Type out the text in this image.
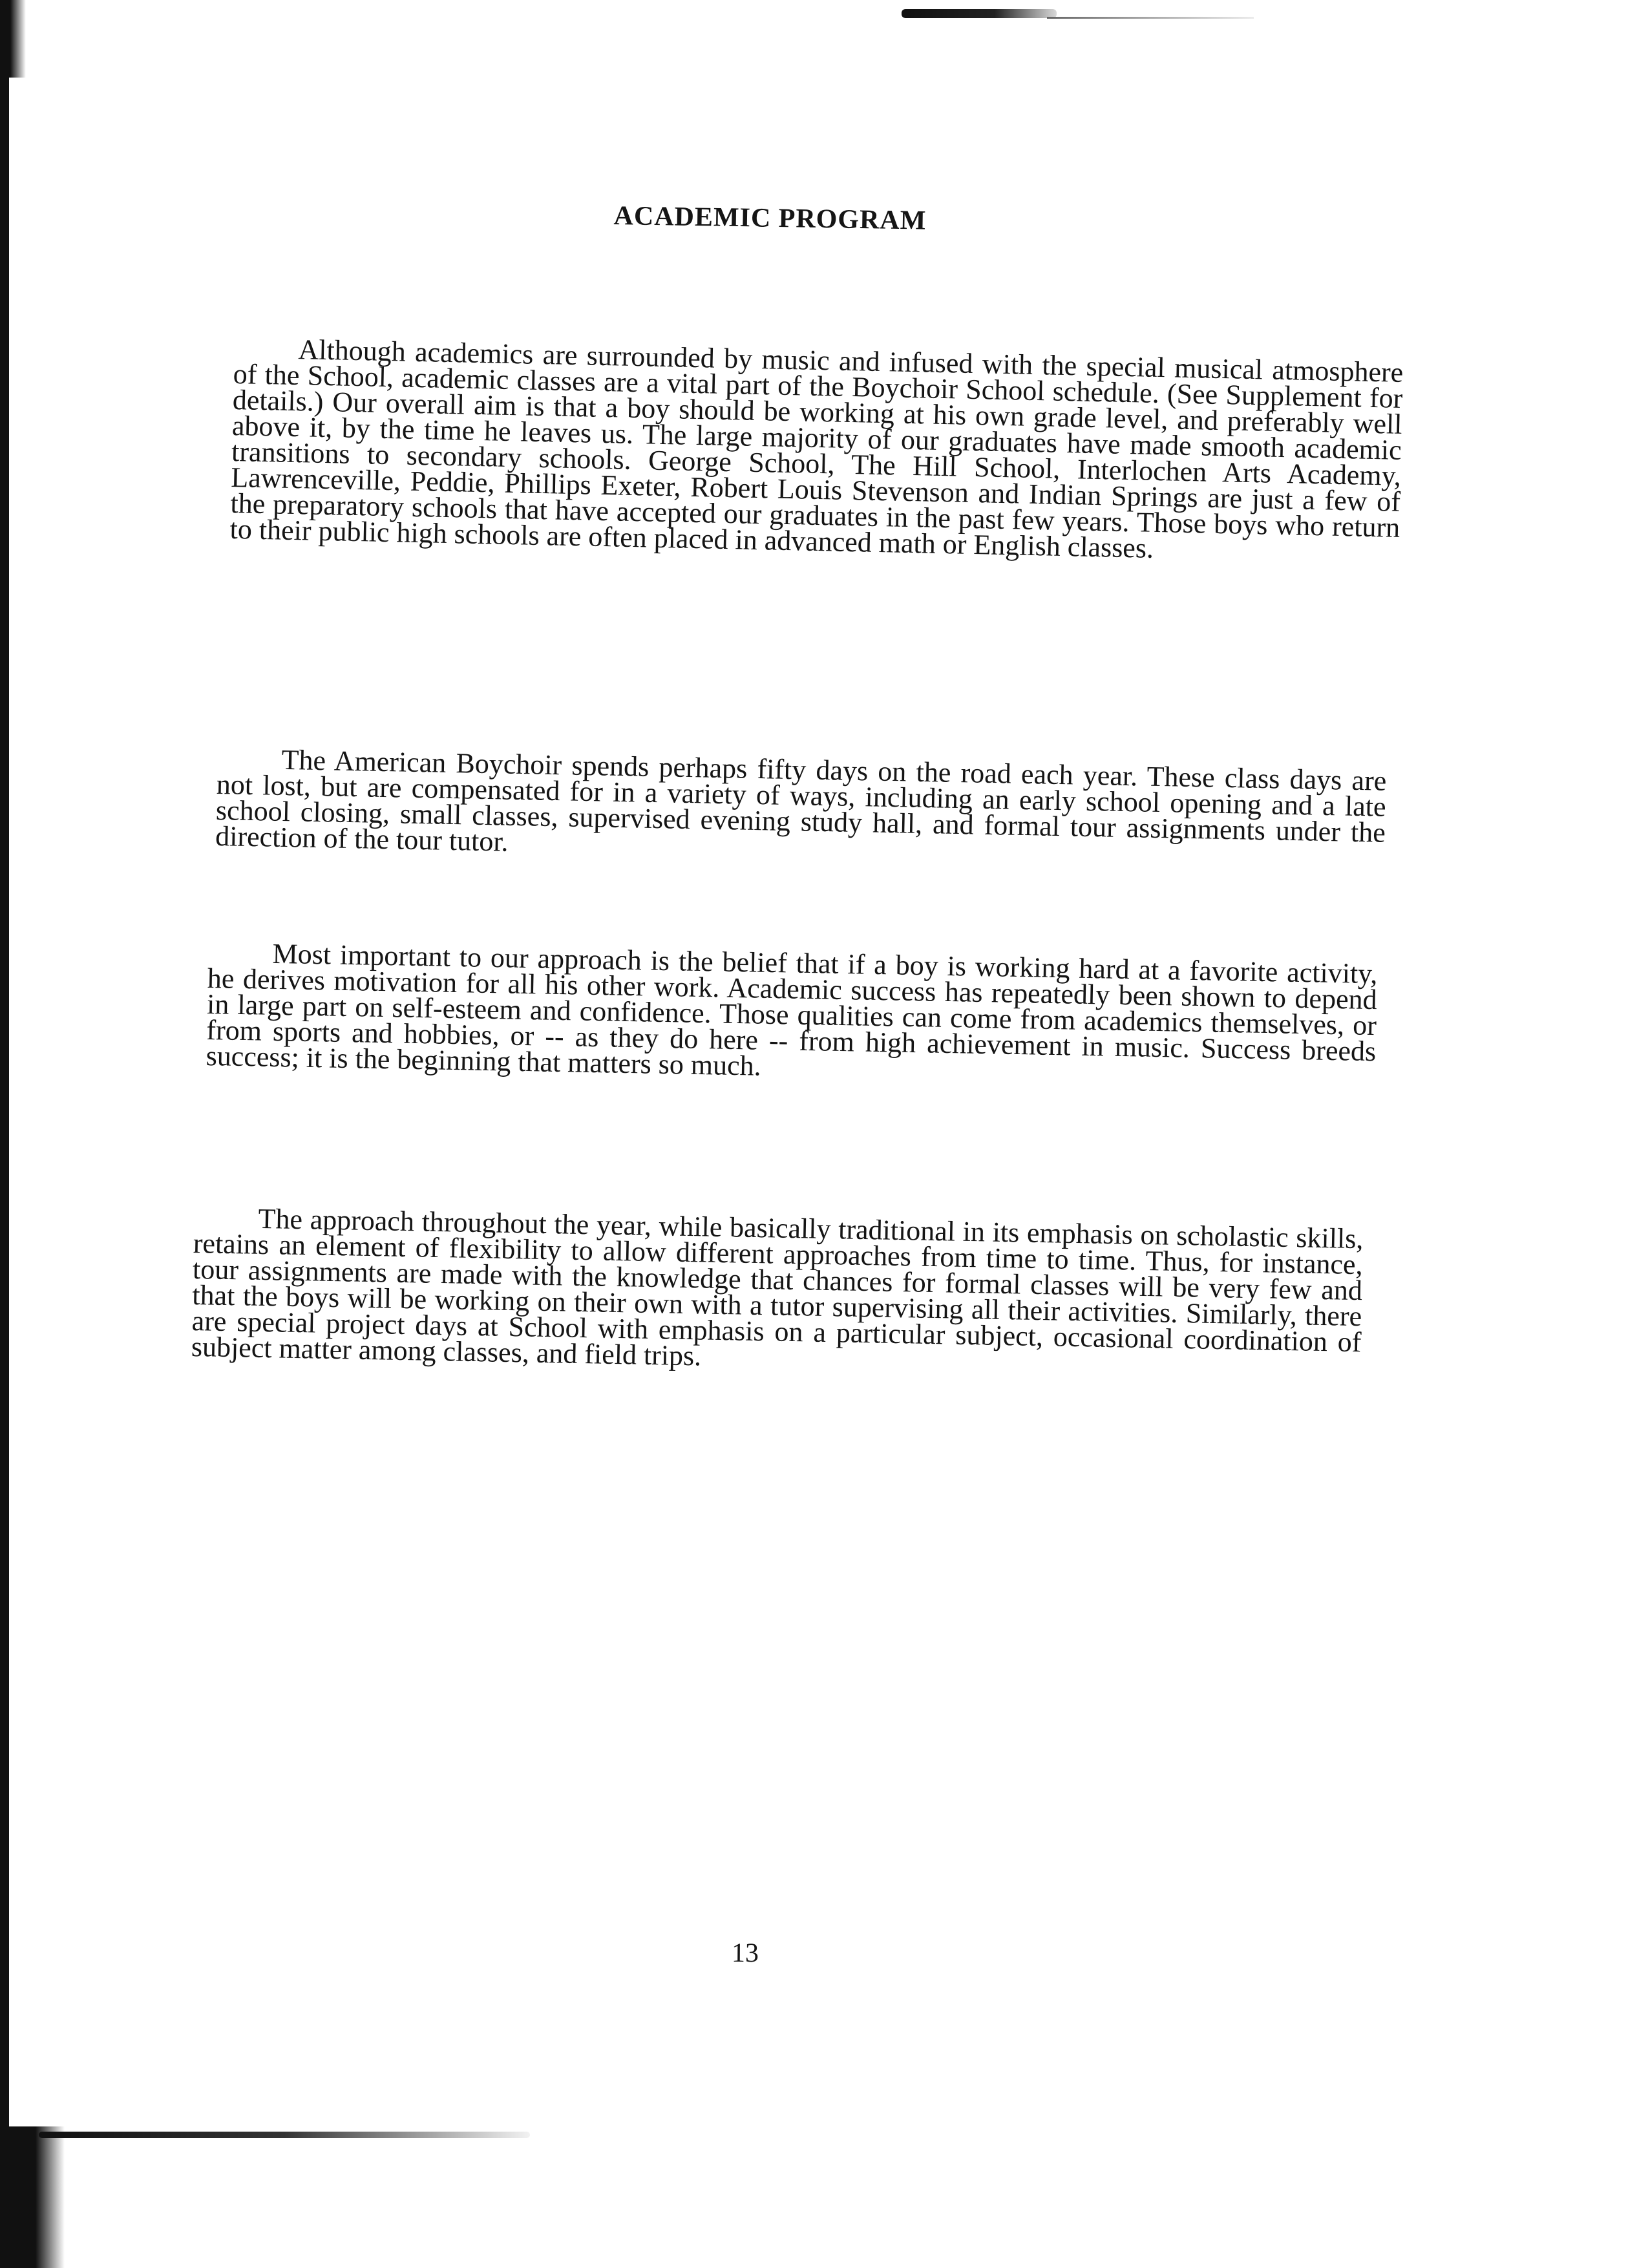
ACADEMIC PROGRAM

Although academics are surrounded by music and infused with the special musical atmosphere of the School, academic classes are a vital part of the Boychoir School schedule. (See Supplement for details.) Our overall aim is that a boy should be working at his own grade level, and preferably well above it, by the time he leaves us. The large majority of our graduates have made smooth academic transitions to secondary schools. George School, The Hill School, Interlochen Arts Academy, Lawrenceville, Peddie, Phillips Exeter, Robert Louis Stevenson and Indian Springs are just a few of the preparatory schools that have accepted our graduates in the past few years. Those boys who return to their public high schools are often placed in advanced math or English classes.

The American Boychoir spends perhaps fifty days on the road each year. These class days are not lost, but are compensated for in a variety of ways, including an early school opening and a late school closing, small classes, supervised evening study hall, and formal tour assignments under the direction of the tour tutor.

Most important to our approach is the belief that if a boy is working hard at a favorite activity, he derives motivation for all his other work. Academic success has repeatedly been shown to depend in large part on self-esteem and confidence. Those qualities can come from academics themselves, or from sports and hobbies, or -- as they do here -- from high achievement in music. Success breeds success; it is the beginning that matters so much.

The approach throughout the year, while basically traditional in its emphasis on scholastic skills, retains an element of flexibility to allow different approaches from time to time. Thus, for instance, tour assignments are made with the knowledge that chances for formal classes will be very few and that the boys will be working on their own with a tutor supervising all their activities. Similarly, there are special project days at School with emphasis on a particular subject, occasional coordination of subject matter among classes, and field trips.

13
